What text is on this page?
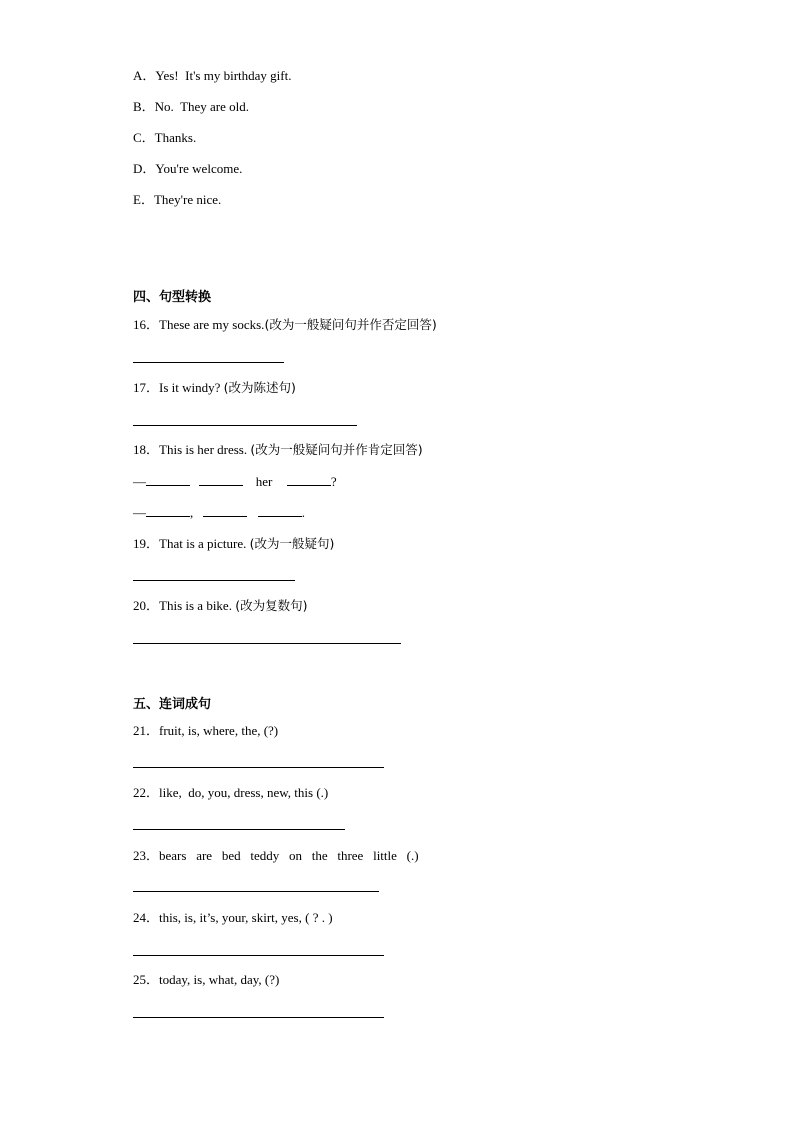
A．Yes!  It's my birthday gift.
B．No.  They are old.
C．Thanks.
D．You're welcome.
E．They're nice.
四、句型转换
16．These are my socks.(改为一般疑问句并作否定回答)
17．Is it windy? (改为陈述句)
18．This is her dress. (改为一般疑问句并作肯定回答)
—	her	?
—	,	.
19．That is a picture. (改为一般疑句)
20．This is a bike. (改为复数句)
五、连词成句
21．fruit, is, where, the, (?)
22．like,  do, you, dress, new, this (.)
23．bears   are   bed   teddy   on   the   three   little   (.)
24．this, is, it’s, your, skirt, yes, ( ? . )
25．today, is, what, day, (?)
